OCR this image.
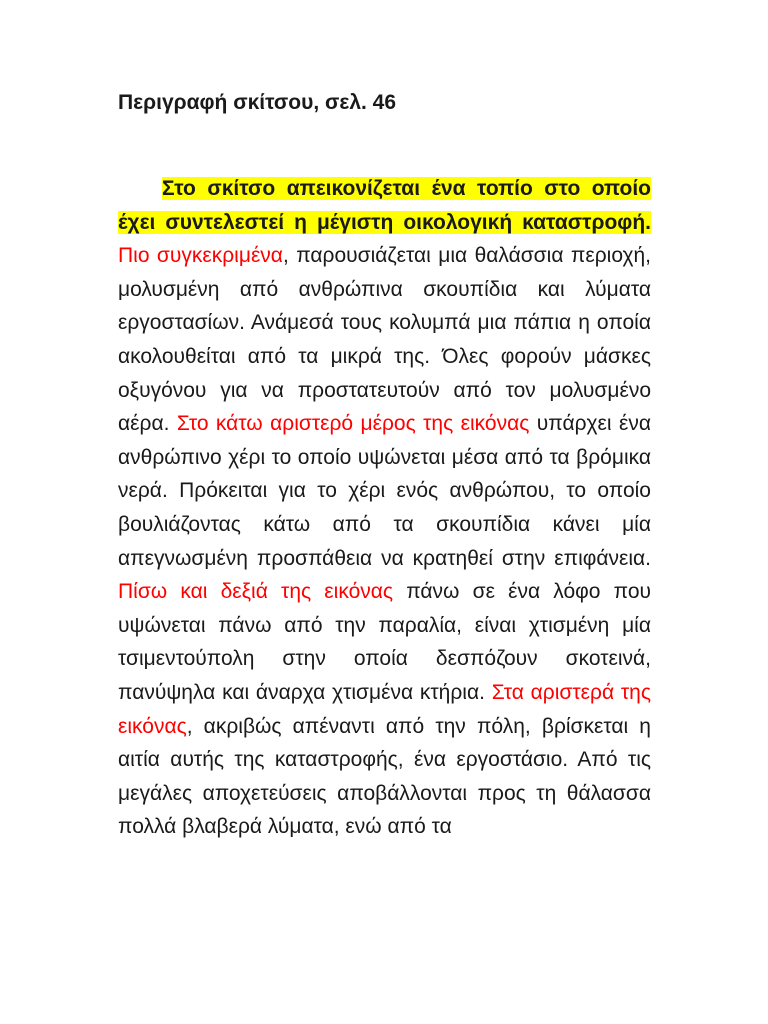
Περιγραφή σκίτσου, σελ. 46

Στο σκίτσο απεικονίζεται ένα τοπίο στο οποίο έχει συντελεστεί η μέγιστη οικολογική καταστροφή. Πιο συγκεκριμένα, παρουσιάζεται μια θαλάσσια περιοχή, μολυσμένη από ανθρώπινα σκουπίδια και λύματα εργοστασίων. Ανάμεσά τους κολυμπά μια πάπια η οποία ακολουθείται από τα μικρά της. Όλες φορούν μάσκες οξυγόνου για να προστατευτούν από τον μολυσμένο αέρα. Στο κάτω αριστερό μέρος της εικόνας υπάρχει ένα ανθρώπινο χέρι το οποίο υψώνεται μέσα από τα βρόμικα νερά. Πρόκειται για το χέρι ενός ανθρώπου, το οποίο βουλιάζοντας κάτω από τα σκουπίδια κάνει μία απεγνωσμένη προσπάθεια να κρατηθεί στην επιφάνεια. Πίσω και δεξιά της εικόνας πάνω σε ένα λόφο που υψώνεται πάνω από την παραλία, είναι χτισμένη μία τσιμεντούπολη στην οποία δεσπόζουν σκοτεινά, πανύψηλα και άναρχα χτισμένα κτήρια. Στα αριστερά της εικόνας, ακριβώς απέναντι από την πόλη, βρίσκεται η αιτία αυτής της καταστροφής, ένα εργοστάσιο. Από τις μεγάλες αποχετεύσεις αποβάλλονται προς τη θάλασσα πολλά βλαβερά λύματα, ενώ από τα
